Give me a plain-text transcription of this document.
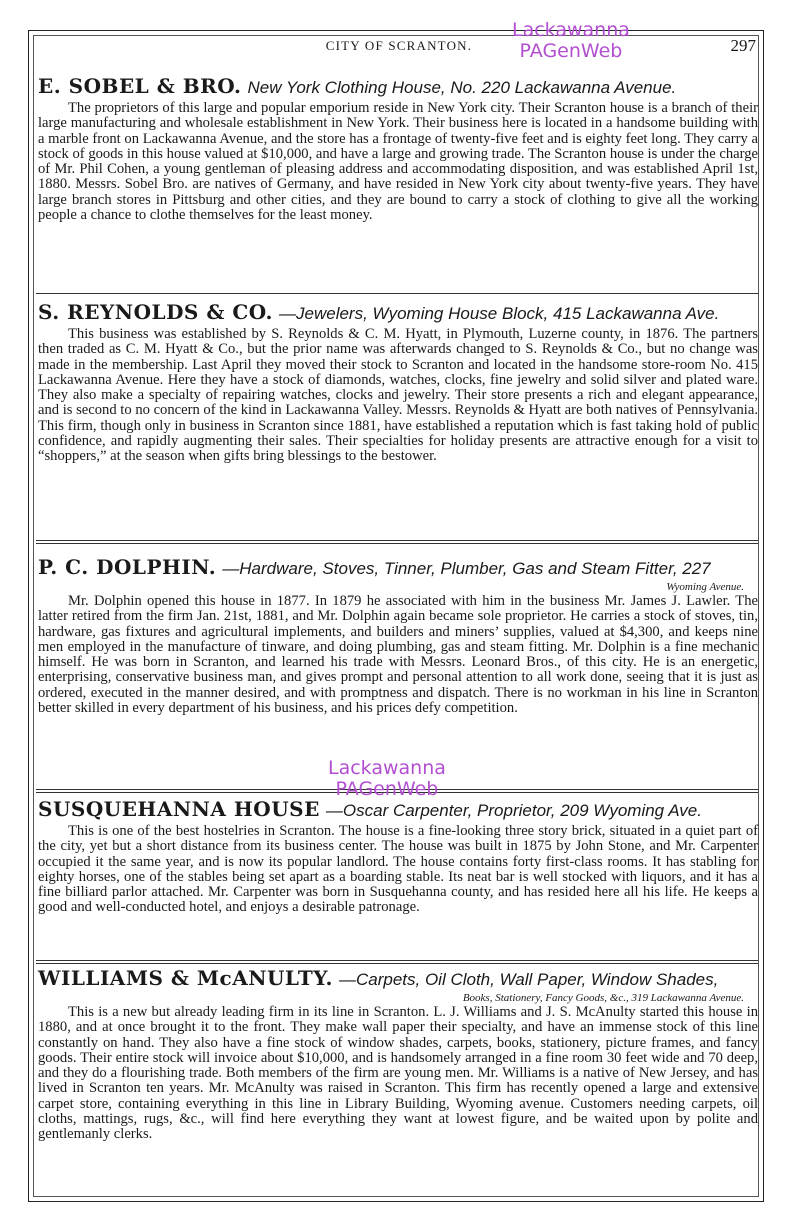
CITY OF SCRANTON.	297
Lackawanna
PAGenWeb
E. SOBEL & BRO. New York Clothing House, No. 220 Lackawanna Avenue.
The proprietors of this large and popular emporium reside in New York city. Their Scranton house is a branch of their large manufacturing and wholesale establishment in New York. Their business here is located in a handsome building with a marble front on Lackawanna Avenue, and the store has a frontage of twenty-five feet and is eighty feet long. They carry a stock of goods in this house valued at $10,000, and have a large and growing trade. The Scranton house is under the charge of Mr. Phil Cohen, a young gentleman of pleasing address and accommodating disposition, and was established April 1st, 1880. Messrs. Sobel Bro. are natives of Germany, and have resided in New York city about twenty-five years. They have large branch stores in Pittsburg and other cities, and they are bound to carry a stock of clothing to give all the working people a chance to clothe themselves for the least money.
S. REYNOLDS & CO. —Jewelers, Wyoming House Block, 415 Lackawanna Ave.
This business was established by S. Reynolds & C. M. Hyatt, in Plymouth, Luzerne county, in 1876. The partners then traded as C. M. Hyatt & Co., but the prior name was afterwards changed to S. Reynolds & Co., but no change was made in the membership. Last April they moved their stock to Scranton and located in the handsome store-room No. 415 Lackawanna Avenue. Here they have a stock of diamonds, watches, clocks, fine jewelry and solid silver and plated ware. They also make a specialty of repairing watches, clocks and jewelry. Their store presents a rich and elegant appearance, and is second to no concern of the kind in Lackawanna Valley. Messrs. Reynolds & Hyatt are both natives of Pennsylvania. This firm, though only in business in Scranton since 1881, have established a reputation which is fast taking hold of public confidence, and rapidly augmenting their sales. Their specialties for holiday presents are attractive enough for a visit to “shoppers,” at the season when gifts bring blessings to the bestower.
P. C. DOLPHIN. —Hardware, Stoves, Tinner, Plumber, Gas and Steam Fitter, 227
Wyoming Avenue.
Mr. Dolphin opened this house in 1877. In 1879 he associated with him in the business Mr. James J. Lawler. The latter retired from the firm Jan. 21st, 1881, and Mr. Dolphin again became sole proprietor. He carries a stock of stoves, tin, hardware, gas fixtures and agricultural implements, and builders and miners’ supplies, valued at $4,300, and keeps nine men employed in the manufacture of tinware, and doing plumbing, gas and steam fitting. Mr. Dolphin is a fine mechanic himself. He was born in Scranton, and learned his trade with Messrs. Leonard Bros., of this city. He is an energetic, enterprising, conservative business man, and gives prompt and personal attention to all work done, seeing that it is just as ordered, executed in the manner desired, and with promptness and dispatch. There is no workman in his line in Scranton better skilled in every department of his business, and his prices defy competition.
Lackawanna
PAGenWeb
SUSQUEHANNA HOUSE —Oscar Carpenter, Proprietor, 209 Wyoming Ave.
This is one of the best hostelries in Scranton. The house is a fine-looking three story brick, situated in a quiet part of the city, yet but a short distance from its business center. The house was built in 1875 by John Stone, and Mr. Carpenter occupied it the same year, and is now its popular landlord. The house contains forty first-class rooms. It has stabling for eighty horses, one of the stables being set apart as a boarding stable. Its neat bar is well stocked with liquors, and it has a fine billiard parlor attached. Mr. Carpenter was born in Susquehanna county, and has resided here all his life. He keeps a good and well-conducted hotel, and enjoys a desirable patronage.
WILLIAMS & McANULTY. —Carpets, Oil Cloth, Wall Paper, Window Shades,
Books, Stationery, Fancy Goods, &c., 319 Lackawanna Avenue.
This is a new but already leading firm in its line in Scranton. L. J. Williams and J. S. McAnulty started this house in 1880, and at once brought it to the front. They make wall paper their specialty, and have an immense stock of this line constantly on hand. They also have a fine stock of window shades, carpets, books, stationery, picture frames, and fancy goods. Their entire stock will invoice about $10,000, and is handsomely arranged in a fine room 30 feet wide and 70 deep, and they do a flourishing trade. Both members of the firm are young men. Mr. Williams is a native of New Jersey, and has lived in Scranton ten years. Mr. McAnulty was raised in Scranton. This firm has recently opened a large and extensive carpet store, containing everything in this line in Library Building, Wyoming avenue. Customers needing carpets, oil cloths, mattings, rugs, &c., will find here everything they want at lowest figure, and be waited upon by polite and gentlemanly clerks.
